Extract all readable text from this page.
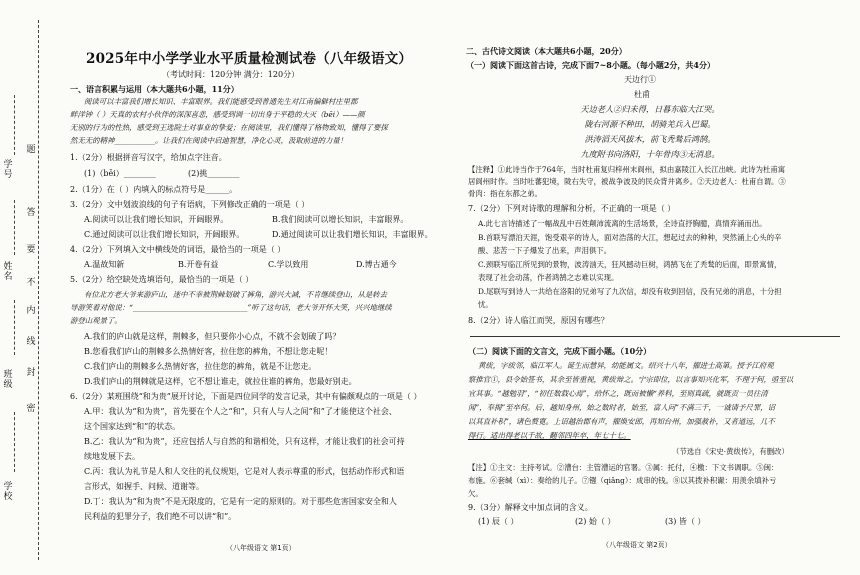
题
答
要
不
内
线
封
密
学号
姓名
班级
学校
2025年中小学学业水平质量检测试卷（八年级语文）
（考试时间：120分钟 满分：120分）
一、语言积累与运用（本大题共6小题，11分）
阅读可以丰富我们增长知识、丰富眼界。我们能感受到普通先生对江南偏僻村庄里郡
畔洋钟（ ）天真的农村小伙伴的深深喜悲，感受到调一切出身于平稳的大灭（bēi）——颜
无别的行为的性热，感受到王选院士对事业的挚爱；在阅读里，我们懂得了格物致知，懂得了要探
然无无的精神___________。让我们在阅读中启迪智慧，净化心灵，汲取前进的力量！
1.（2分）根据拼音写汉字，给加点字注音。
(1)（bēi）________	(2)挑________
2.（1分）在（ ）内填入的标点符号是______。
3.（2分）文中划波浪线的句子有语病，下列修改正确的一项是（ ）
A.阅读可以让我们增长知识，开阔眼界。	B.我们阅读可以增长知识，丰富眼界。
C.通过阅读可以让我们增长知识，开阔眼界。	D.通过阅读可以让我们增长知识，丰富眼界。
4.（2分）下列填入文中横线处的词语，最恰当的一项是（ ）
A.温故知新	B.开卷有益	C.学以致用	D.博古通今
5.（2分）给空缺处选填语句，最恰当的一项是（ ）
有位北方老大爷来游庐山，迷中不幸被荆棘划破了裤角，游兴大减，不肯继续登山，从是转去
导游笑着对他说：“_______________________________”听了这句话，老大爷开怀大笑，兴兴地继续
游登山观景了。
A.我们的庐山就是这样，荆棘多，但只要你小心点，不就不会划破了吗？
B.您看我们庐山的荆棘多么热情好客，拉住您的裤角，不想让您走呢！
C.我们庐山的荆棘多么热情好客，拉住您的裤角，就是不让您走。
D.我们庐山的荆棘就是这样，它不想让谁走，就拉住谁的裤角，您最好别走。
6.（2分）某班围绕“和为贵”展开讨论，下面是四位同学的发言记录，其中有偏颇观点的一项是（ ）
A.甲：我认为“和为贵”，首先要在个人之“和”，只有人与人之间“和”了才能使这个社会、
这个国家达到“和”的状态。
B.乙：我认为“和为贵”，还应包括人与自然的和谐相处，只有这样，才能让我们的社会可持
续地发展下去。
C.丙：我认为礼节是人和人交往的礼仪规矩，它是对人表示尊重的形式，包括动作形式和语
言形式，如握手、问候、道谢等。
D.丁：我认为“和为贵”不是无限度的，它是有一定的原则的。对于那些危害国家安全和人
民利益的犯罪分子，我们绝不可以讲“和”。
（八年级语文 第1页）
二、古代诗文阅读（本大题共6小题，20分）
（一）阅读下面这首古诗，完成下面7~8小题。（每小题2分，共4分）
天边行①
杜甫
天边老人②归未得，日暮东临大江哭。
陇右河源不种田，胡骑羌兵入巴蜀。
洪涛滔天风拔木，前飞秃鹙后鸿鹄。
九度附书向洛阳，十年骨肉③无消息。
【注释】①此诗当作于764年，当时杜甫复归梓州末阆州，拟由嘉陵江入长江出峡。此诗为杜甫寓
居阆州时作。当时吐蕃犯境，陇右失守，被战争波及的民众背井离乡。②天边老人：杜甫自谓。③
骨肉：指在东都之弟。
7.（2分）下列对诗歌的理解和分析，不正确的一项是（ ）
A.此七言诗描述了一幅战乱中百姓颠沛流离的生活场景，全诗直抒胸臆，真情弃涌而出。
B.首联写漂泊天涯，饱受艰辛的诗人，面对浩荡的大江，想起过去的种种，突然涌上心头的辛
酸、悲苦一下子爆发了出来，声泪俱下。
C.颈联写临江所见到的景物，波涛汹天，狂风撼动巨树，鸿鹄飞在了秃鹙的后面，即景寓情，
表现了社会动荡，作者鸿鹄之志难以实现。
D.尾联写到诗人一共给在洛阳的兄弟写了九次信，却没有收到回信，没有兄弟的消息，十分担
忧。
8.（2分）诗人临江而哭，原因有哪些？
（二）阅读下面的文言文，完成下面小题。（10分）
黄绂，字绂邻，临江军人。诞生而慧异，幼能属文。绍兴十八年，擢进士高第。授予江府观
察推官①，县令始签书，其余至皆重视，黄绂辩之。宁宗即位，以言事知兴化军，不理于何，亟至以
宜其事。“越勉羽”，“初任数载心焉”，给怀之，既而被懒“养料，至则真疏，就既贡一员往清
闻”，奉揭”至卒何。后，越知身州，始之数时者，始至，富人问”不满三千，一诚请予尺罪，诏
以其直补积”，诸色赘寛。上诏越治郡有声，擢焕安郎，再知台州，加强赦补，又者道远，几不
得行。适出得老以千故，翻邻四年卒，年七十七。
（节选自《宋史·黄绂传》，有删改）
【注】①主文：主持考试。②漕台：主管漕运的官署。③属：托付，④檄：下文书调职。⑤闽：
布施。⑥套缄（xì）：奏给的儿子。⑦镪（qiǎng）：成串的钱。⑧以其拨补积谳：用羡余填补亏
欠。
9.（3分）解释文中加点词的含义。
(1) 辰（ ）	(2) 始（ ）	(3) 皆（ ）
（八年级语文 第2页）
